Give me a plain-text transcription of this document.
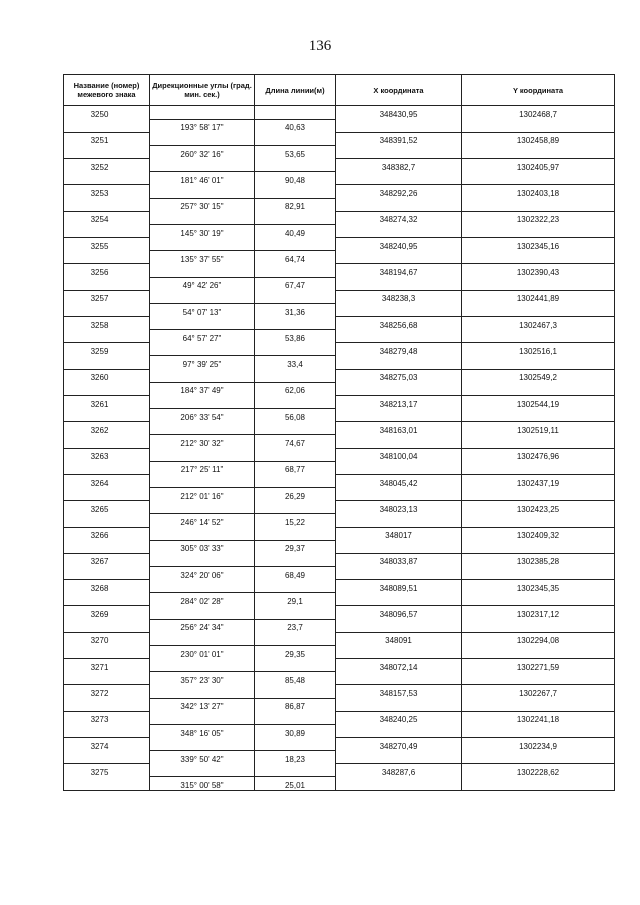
136
Название (номер) межевого знака	Дирекционные углы (град. мин. сек.)	Длина линии(м)	X координата	Y координата
3250			348430,95	1302468,7
	193° 58' 17"	40,63		
3251			348391,52	1302458,89
	260° 32' 16"	53,65		
3252			348382,7	1302405,97
	181° 46' 01"	90,48		
3253			348292,26	1302403,18
	257° 30' 15"	82,91		
3254			348274,32	1302322,23
	145° 30' 19"	40,49		
3255			348240,95	1302345,16
	135° 37' 55"	64,74		
3256			348194,67	1302390,43
	49° 42' 26"	67,47		
3257			348238,3	1302441,89
	54° 07' 13"	31,36		
3258			348256,68	1302467,3
	64° 57' 27"	53,86		
3259			348279,48	1302516,1
	97° 39' 25"	33,4		
3260			348275,03	1302549,2
	184° 37' 49"	62,06		
3261			348213,17	1302544,19
	206° 33' 54"	56,08		
3262			348163,01	1302519,11
	212° 30' 32"	74,67		
3263			348100,04	1302476,96
	217° 25' 11"	68,77		
3264			348045,42	1302437,19
	212° 01' 16"	26,29		
3265			348023,13	1302423,25
	246° 14' 52"	15,22		
3266			348017	1302409,32
	305° 03' 33"	29,37		
3267			348033,87	1302385,28
	324° 20' 06"	68,49		
3268			348089,51	1302345,35
	284° 02' 28"	29,1		
3269			348096,57	1302317,12
	256° 24' 34"	23,7		
3270			348091	1302294,08
	230° 01' 01"	29,35		
3271			348072,14	1302271,59
	357° 23' 30"	85,48		
3272			348157,53	1302267,7
	342° 13' 27"	86,87		
3273			348240,25	1302241,18
	348° 16' 05"	30,89		
3274			348270,49	1302234,9
	339° 50' 42"	18,23		
3275			348287,6	1302228,62
	315° 00' 58"	25,01		
